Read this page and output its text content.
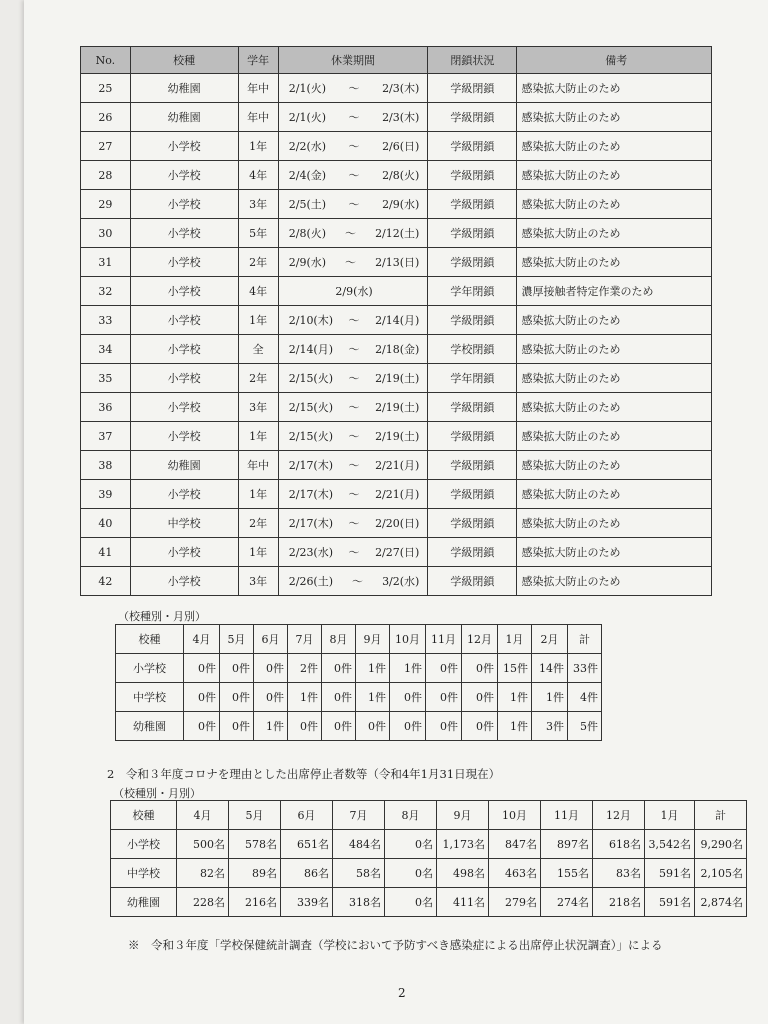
No.	校種	学年	休業期間	閉鎖状況	備考
25	幼稚園	年中	2/1(火) ～ 2/3(木)	学級閉鎖	感染拡大防止のため
26	幼稚園	年中	2/1(火) ～ 2/3(木)	学級閉鎖	感染拡大防止のため
27	小学校	1年	2/2(水) ～ 2/6(日)	学級閉鎖	感染拡大防止のため
28	小学校	4年	2/4(金) ～ 2/8(火)	学級閉鎖	感染拡大防止のため
29	小学校	3年	2/5(土) ～ 2/9(水)	学級閉鎖	感染拡大防止のため
30	小学校	5年	2/8(火) ～ 2/12(土)	学級閉鎖	感染拡大防止のため
31	小学校	2年	2/9(水) ～ 2/13(日)	学級閉鎖	感染拡大防止のため
32	小学校	4年	2/9(水)	学年閉鎖	濃厚接触者特定作業のため
33	小学校	1年	2/10(木) ～ 2/14(月)	学級閉鎖	感染拡大防止のため
34	小学校	全	2/14(月) ～ 2/18(金)	学校閉鎖	感染拡大防止のため
35	小学校	2年	2/15(火) ～ 2/19(土)	学年閉鎖	感染拡大防止のため
36	小学校	3年	2/15(火) ～ 2/19(土)	学級閉鎖	感染拡大防止のため
37	小学校	1年	2/15(火) ～ 2/19(土)	学級閉鎖	感染拡大防止のため
38	幼稚園	年中	2/17(木) ～ 2/21(月)	学級閉鎖	感染拡大防止のため
39	小学校	1年	2/17(木) ～ 2/21(月)	学級閉鎖	感染拡大防止のため
40	中学校	2年	2/17(木) ～ 2/20(日)	学級閉鎖	感染拡大防止のため
41	小学校	1年	2/23(水) ～ 2/27(日)	学級閉鎖	感染拡大防止のため
42	小学校	3年	2/26(土) ～ 3/2(水)	学級閉鎖	感染拡大防止のため
（校種別・月別）
校種	4月	5月	6月	7月	8月	9月	10月	11月	12月	1月	2月	計
小学校	0件	0件	0件	2件	0件	1件	1件	0件	0件	15件	14件	33件
中学校	0件	0件	0件	1件	0件	1件	0件	0件	0件	1件	1件	4件
幼稚園	0件	0件	1件	0件	0件	0件	0件	0件	0件	1件	3件	5件
2　令和３年度コロナを理由とした出席停止者数等（令和4年1月31日現在）
（校種別・月別）
校種	4月	5月	6月	7月	8月	9月	10月	11月	12月	1月	計
小学校	500名	578名	651名	484名	0名	1,173名	847名	897名	618名	3,542名	9,290名
中学校	82名	89名	86名	58名	0名	498名	463名	155名	83名	591名	2,105名
幼稚園	228名	216名	339名	318名	0名	411名	279名	274名	218名	591名	2,874名
※　令和３年度「学校保健統計調査（学校において予防すべき感染症による出席停止状況調査）」による
2
